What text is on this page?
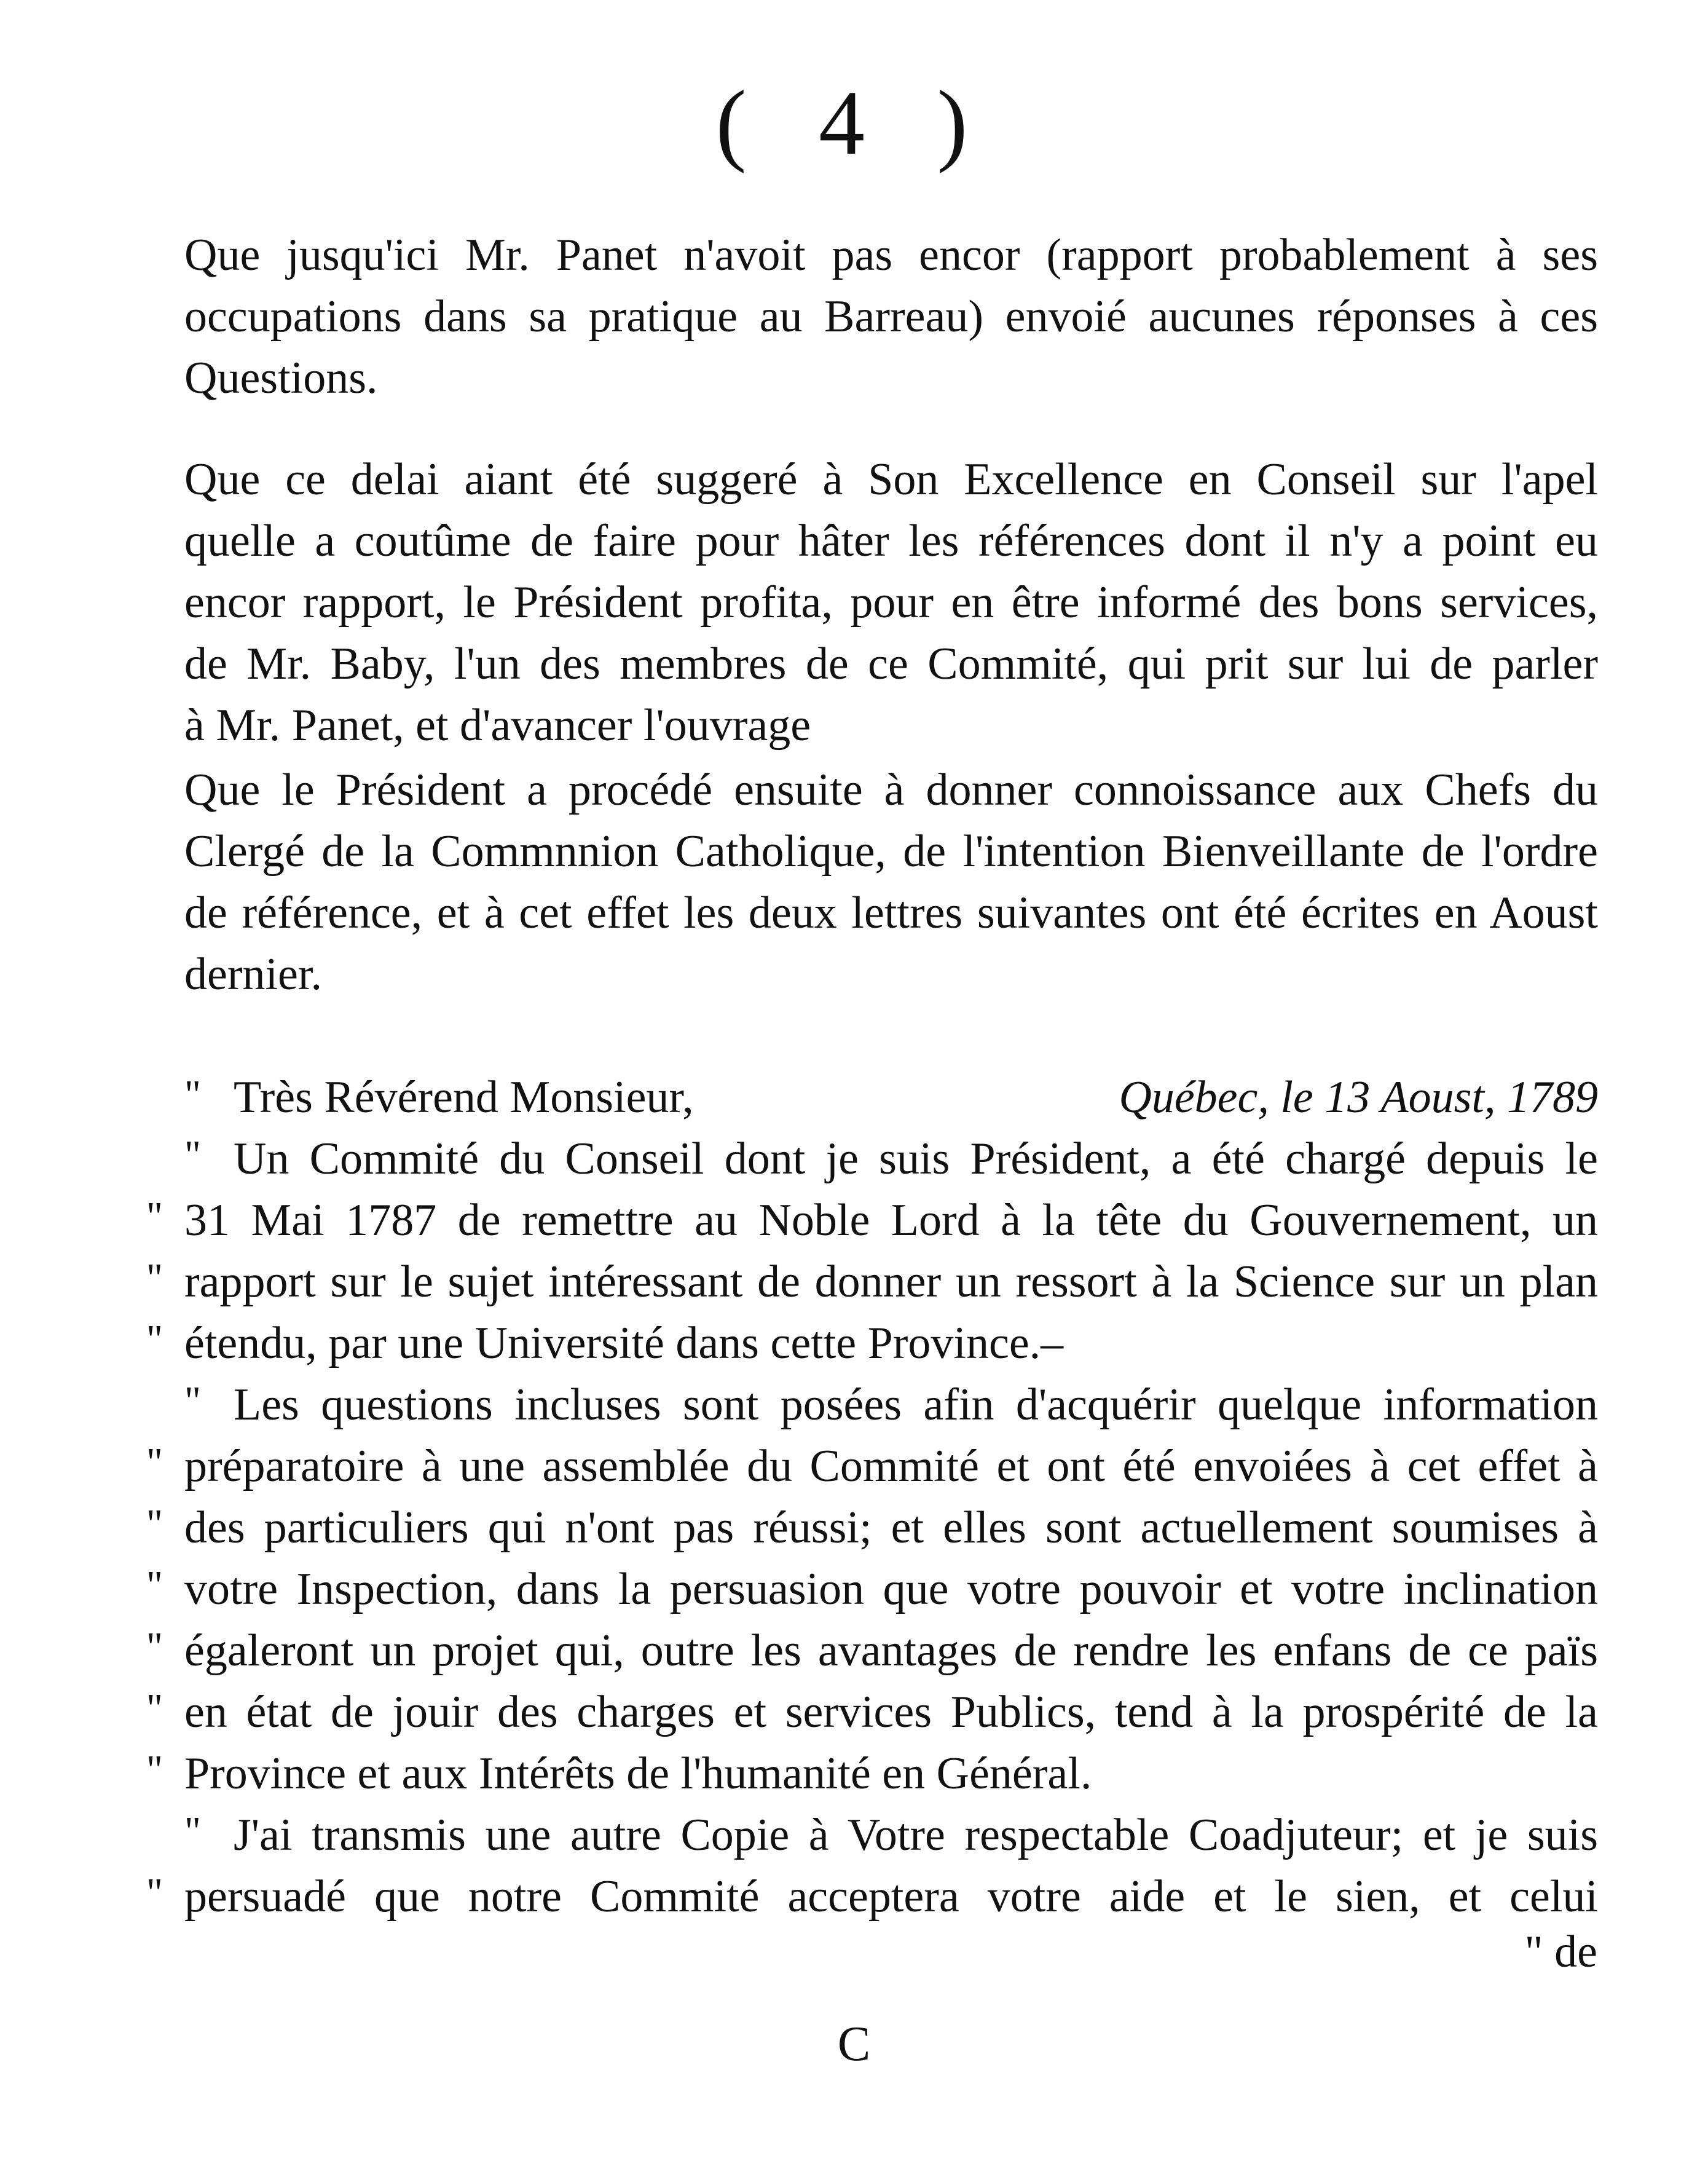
( 4 )
Que jusqu'ici Mr. Panet n'avoit pas encor (rapport probablement à ses
occupations dans sa pratique au Barreau) envoié aucunes réponses à ces
Questions.
Que ce delai aiant été suggeré à Son Excellence en Conseil sur l'apel
quelle a coutûme de faire pour hâter les références dont il n'y a point eu
encor rapport, le Président profita, pour en être informé des bons services,
de Mr. Baby, l'un des membres de ce Commité, qui prit sur lui de parler
à Mr. Panet, et d'avancer l'ouvrage
Que le Président a procédé ensuite à donner connoissance aux Chefs du
Clergé de la Commnnion Catholique, de l'intention Bienveillante de l'ordre
de référence, et à cet effet les deux lettres suivantes ont été écrites en Aoust
dernier.
" Très Révérend Monsieur,	Québec, le 13 Aoust, 1789
" Un Commité du Conseil dont je suis Président, a été chargé depuis le
" 31 Mai 1787 de remettre au Noble Lord à la tête du Gouvernement, un
" rapport sur le sujet intéressant de donner un ressort à la Science sur un plan
" étendu, par une Université dans cette Province.–
" Les questions incluses sont posées afin d'acquérir quelque information
" préparatoire à une assemblée du Commité et ont été envoiées à cet effet à
" des particuliers qui n'ont pas réussi; et elles sont actuellement soumises à
" votre Inspection, dans la persuasion que votre pouvoir et votre inclination
" égaleront un projet qui, outre les avantages de rendre les enfans de ce païs
" en état de jouir des charges et services Publics, tend à la prospérité de la
" Province et aux Intérêts de l'humanité en Général.
" J'ai transmis une autre Copie à Votre respectable Coadjuteur; et je suis
" persuadé que notre Commité acceptera votre aide et le sien, et celui
" de
C
